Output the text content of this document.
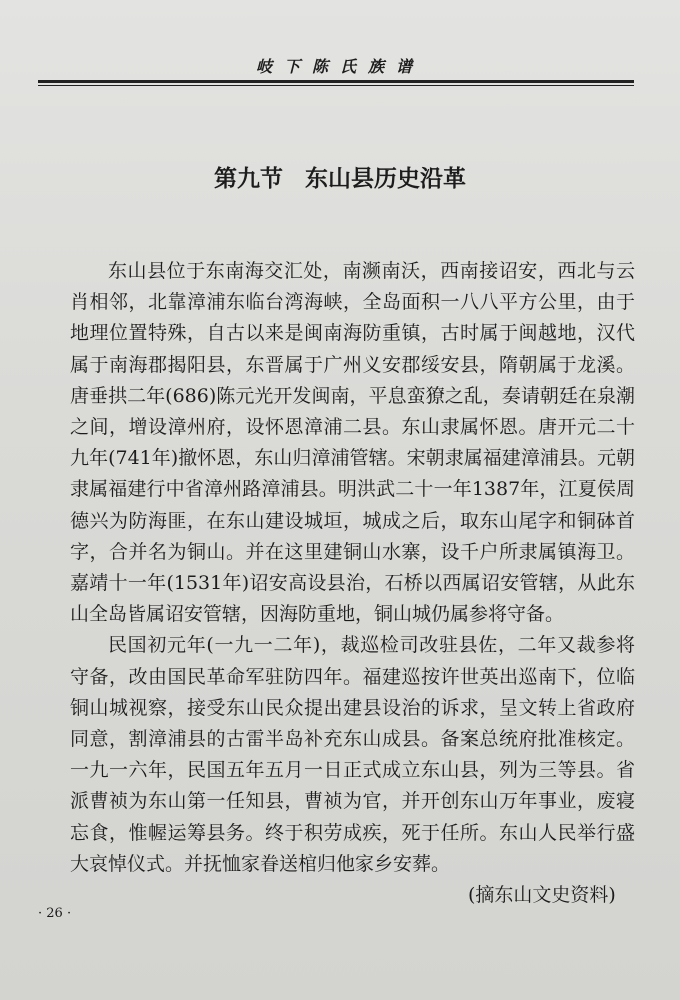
岐下陈氏族谱
第九节 东山县历史沿革

东山县位于东南海交汇处，南濒南沃，西南接诏安，西北与云肖相邻，北靠漳浦东临台湾海峡，全岛面积一八八平方公里，由于地理位置特殊，自古以来是闽南海防重镇，古时属于闽越地，汉代属于南海郡揭阳县，东晋属于广州义安郡绥安县，隋朝属于龙溪。唐垂拱二年(686)陈元光开发闽南，平息蛮獠之乱，奏请朝廷在泉潮之间，增设漳州府，设怀恩漳浦二县。东山隶属怀恩。唐开元二十九年(741年)撤怀恩，东山归漳浦管辖。宋朝隶属福建漳浦县。元朝隶属福建行中省漳州路漳浦县。明洪武二十一年1387年，江夏侯周德兴为防海匪，在东山建设城垣，城成之后，取东山尾字和铜砵首字，合并名为铜山。并在这里建铜山水寨，设千户所隶属镇海卫。嘉靖十一年(1531年)诏安高设县治，石桥以西属诏安管辖，从此东山全岛皆属诏安管辖，因海防重地，铜山城仍属参将守备。

民国初元年(一九一二年)，裁巡检司改驻县佐，二年又裁参将守备，改由国民革命军驻防四年。福建巡按许世英出巡南下，位临铜山城视察，接受东山民众提出建县设治的诉求，呈文转上省政府同意，割漳浦县的古雷半岛补充东山成县。备案总统府批准核定。一九一六年，民国五年五月一日正式成立东山县，列为三等县。省派曹祯为东山第一任知县，曹祯为官，并开创东山万年事业，废寝忘食，惟幄运筹县务。终于积劳成疾，死于任所。东山人民举行盛大哀悼仪式。并抚恤家眷送棺归他家乡安葬。

(摘东山文史资料)
· 26 ·
